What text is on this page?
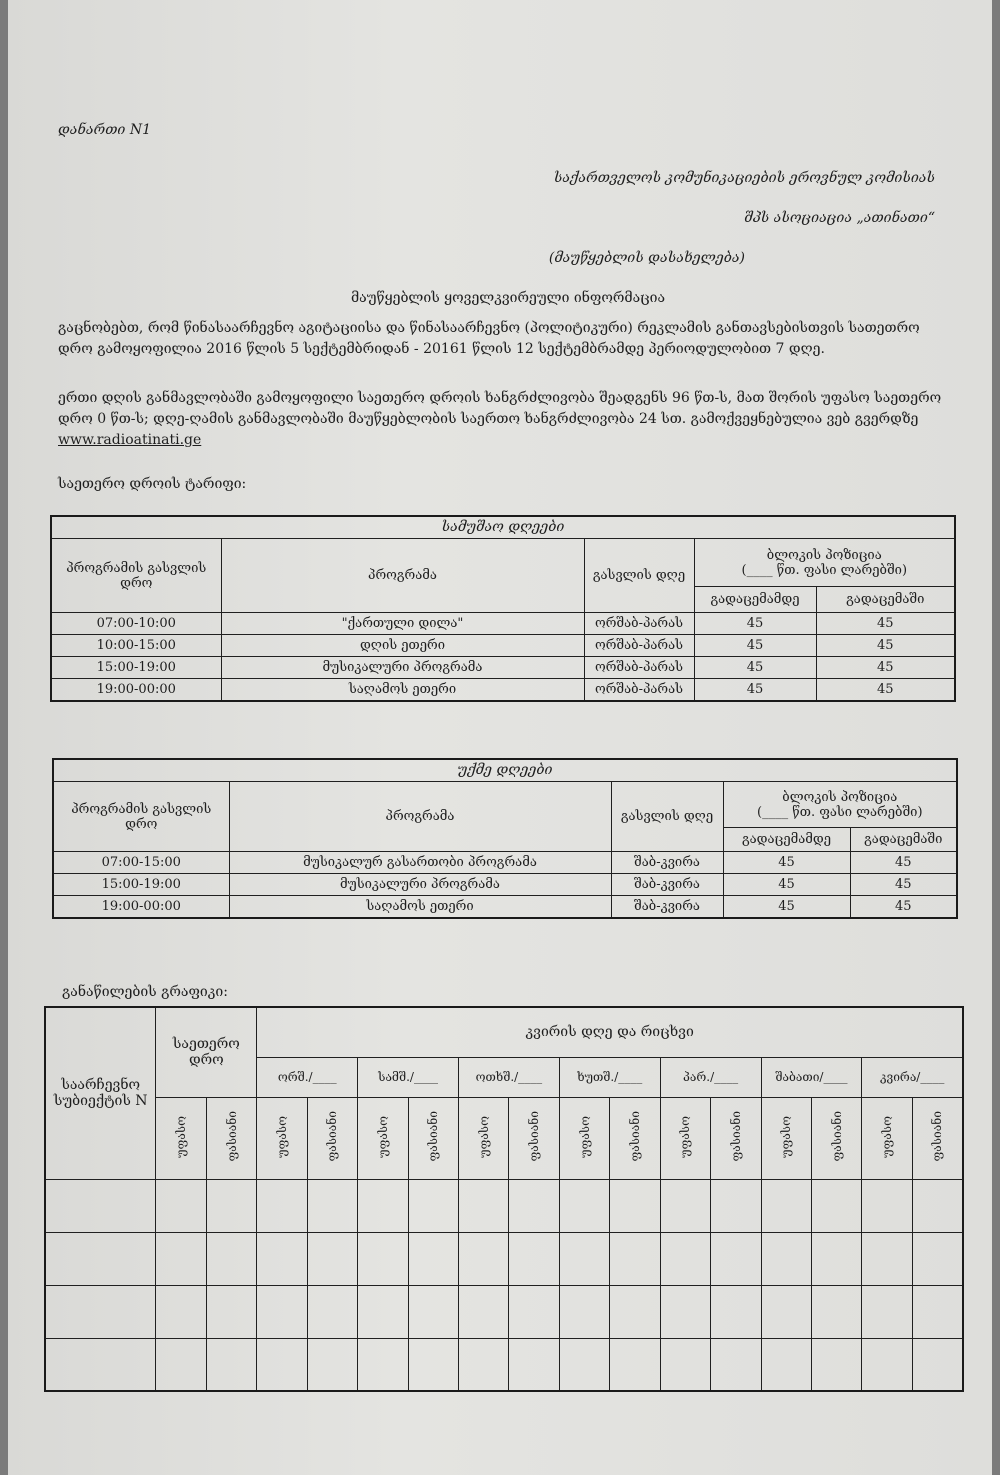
დანართი N1
საქართველოს კომუნიკაციების ეროვნულ კომისიას
შპს ასოციაცია „ათინათი“
(მაუწყებლის დასახელება)
მაუწყებლის ყოველკვირეული ინფორმაცია
გაცნობებთ, რომ წინასაარჩევნო აგიტაციისა და წინასაარჩევნო (პოლიტიკური) რეკლამის განთავსებისთვის სათეთრო დრო გამოყოფილია 2016 წლის 5 სექტემბრიდან - 20161 წლის 12 სექტემბრამდე პერიოდულობით 7 დღე.
ერთი დღის განმავლობაში გამოყოფილი საეთერო დროის ხანგრძლივობა შეადგენს 96 წთ-ს, მათ შორის უფასო საეთერო დრო 0 წთ-ს; დღე-ღამის განმავლობაში მაუწყებლობის საერთო ხანგრძლივობა 24 სთ. გამოქვეყნებულია ვებ გვერდზე www.radioatinati.ge
საეთერო დროის ტარიფი:
სამუშაო დღეები				
პროგრამის გასვლის დრო	პროგრამა	გასვლის დღე	ბლოკის პოზიცია
(____ წთ. ფასი ლარებში)	

			გადაცემამდე	გადაცემაში
07:00-10:00	"ქართული დილა"	ორშაბ-პარას	45	45
10:00-15:00	დღის ეთერი	ორშაბ-პარას	45	45
15:00-19:00	მუსიკალური პროგრამა	ორშაბ-პარას	45	45
19:00-00:00	საღამოს ეთერი	ორშაბ-პარას	45	45
უქმე დღეები				
პროგრამის გასვლის დრო	პროგრამა	გასვლის დღე	ბლოკის პოზიცია
(____ წთ. ფასი ლარებში)	

			გადაცემამდე	გადაცემაში
07:00-15:00	მუსიკალურ გასართობი პროგრამა	შაბ-კვირა	45	45
15:00-19:00	მუსიკალური პროგრამა	შაბ-კვირა	45	45
19:00-00:00	საღამოს ეთერი	შაბ-კვირა	45	45
განაწილების გრაფიკი:
საარჩევნო სუბიექტის N	საეთერო დრო		კვირის დღე და რიცხვი													
			ორშ./____		სამშ./____		ოთხშ./____		ხუთშ./____		პარ./____		შაბათი/____		კვირა/____	
	უფასო	ფასიანი	უფასო	ფასიანი	უფასო	ფასიანი	უფასო	ფასიანი	უფასო	ფასიანი	უფასო	ფასიანი	უფასო	ფასიანი	უფასო	ფასიანი
